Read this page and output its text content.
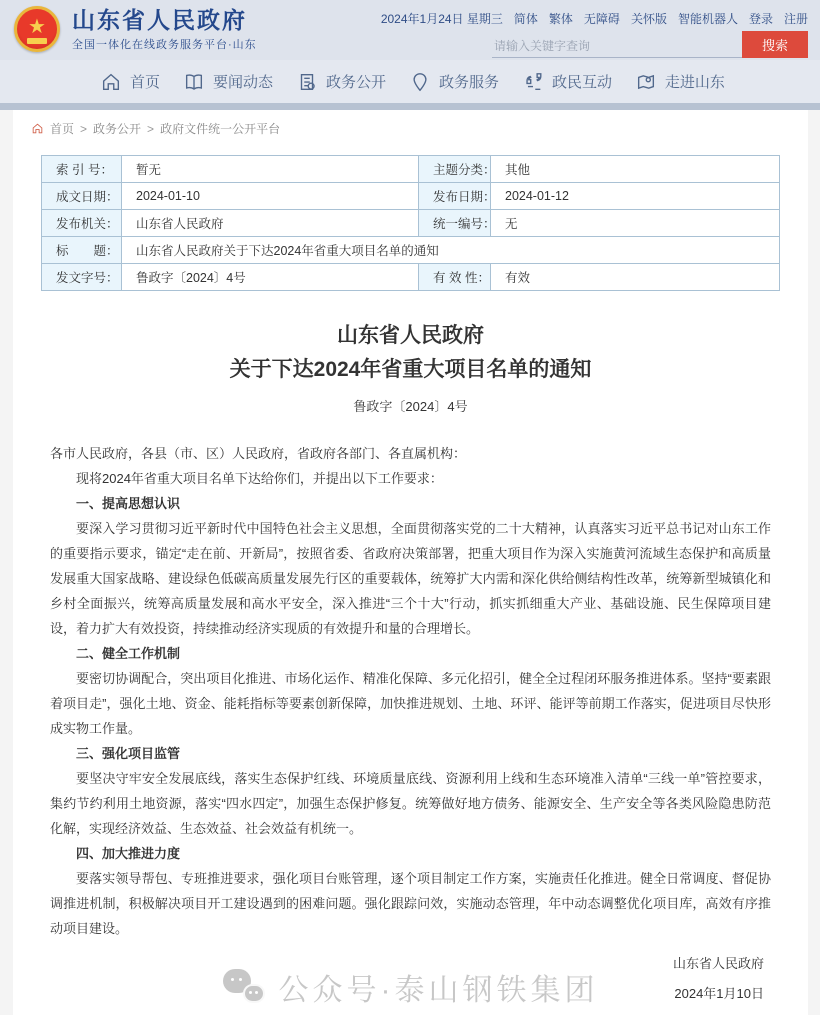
★ 山东省人民政府
全国一体化在线政务服务平台·山东
2024年1月24日 星期三 简体 繁体 无障碍 关怀版 智能机器人 登录 注册
请输入关键字查询
搜索
首页	要闻动态	政务公开	政务服务	政民互动	走进山东
首页 > 政务公开 > 政府文件统一公开平台
索 引 号：	暂无	主题分类：	其他
成文日期：	2024-01-10	发布日期：	2024-01-12
发布机关：	山东省人民政府	统一编号：	无
标　　题：	山东省人民政府关于下达2024年省重大项目名单的通知		
发文字号：	鲁政字〔2024〕4号	有 效 性：	有效
山东省人民政府
关于下达2024年省重大项目名单的通知
鲁政字〔2024〕4号

各市人民政府，各县（市、区）人民政府，省政府各部门、各直属机构：

现将2024年省重大项目名单下达给你们，并提出以下工作要求：

一、提高思想认识

要深入学习贯彻习近平新时代中国特色社会主义思想，全面贯彻落实党的二十大精神，认真落实习近平总书记对山东工作的重要指示要求，锚定“走在前、开新局”，按照省委、省政府决策部署，把重大项目作为深入实施黄河流域生态保护和高质量发展重大国家战略、建设绿色低碳高质量发展先行区的重要载体，统筹扩大内需和深化供给侧结构性改革，统筹新型城镇化和乡村全面振兴，统筹高质量发展和高水平安全，深入推进“三个十大”行动，抓实抓细重大产业、基础设施、民生保障项目建设，着力扩大有效投资，持续推动经济实现质的有效提升和量的合理增长。

二、健全工作机制

要密切协调配合，突出项目化推进、市场化运作、精准化保障、多元化招引，健全全过程闭环服务推进体系。坚持“要素跟着项目走”，强化土地、资金、能耗指标等要素创新保障，加快推进规划、土地、环评、能评等前期工作落实，促进项目尽快形成实物工作量。

三、强化项目监管

要坚决守牢安全发展底线，落实生态保护红线、环境质量底线、资源利用上线和生态环境准入清单“三线一单”管控要求，集约节约利用土地资源，落实“四水四定”，加强生态保护修复。统筹做好地方债务、能源安全、生产安全等各类风险隐患防范化解，实现经济效益、生态效益、社会效益有机统一。

四、加大推进力度

要落实领导帮包、专班推进要求，强化项目台账管理，逐个项目制定工作方案，实施责任化推进。健全日常调度、督促协调推进机制，积极解决项目开工建设遇到的困难问题。强化跟踪问效，实施动态管理，年中动态调整优化项目库，高效有序推动项目建设。

山东省人民政府
2024年1月10日
公众号·泰山钢铁集团
